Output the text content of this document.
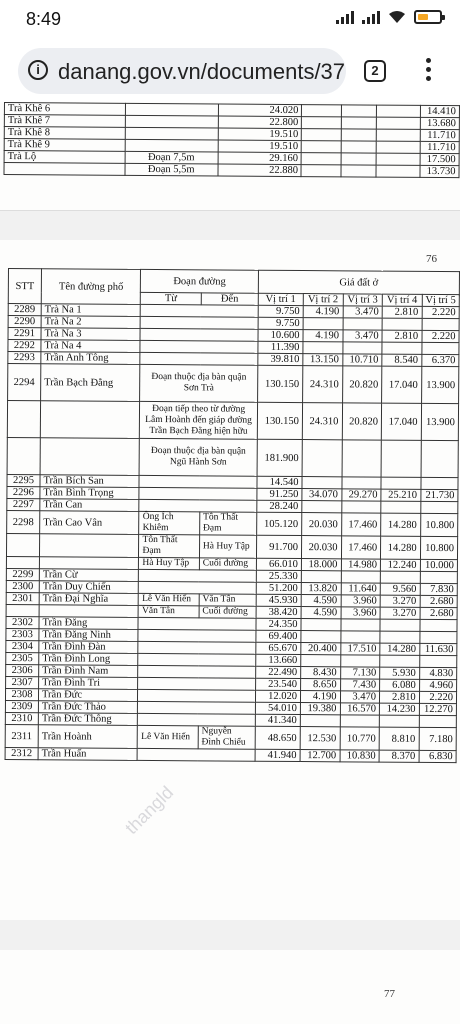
8:49
i danang.gov.vn/documents/37	2
Trà Khê 6		24.020				14.410
Trà Khê 7		22.800				13.680
Trà Khê 8		19.510				11.710
Trà Khê 9		19.510				11.710
Trà Lộ	Đoạn 7,5m	29.160				17.500
	Đoạn 5,5m	22.880				13.730
76
STT	Tên đường phố	Đoạn đường		Giá đất ở				
		Từ	Đến					
				Vị trí 1	Vị trí 2	Vị trí 3	Vị trí 4	Vị trí 5
2289	Trà Na 1			9.750	4.190	3.470	2.810	2.220
2290	Trà Na 2			9.750				
2291	Trà Na 3			10.600	4.190	3.470	2.810	2.220
2292	Trà Na 4			11.390				
2293	Trần Anh Tông			39.810	13.150	10.710	8.540	6.370
2294	Trần Bạch Đằng	Đoạn thuộc địa bàn quận Sơn Trà		130.150	24.310	20.820	17.040	13.900
		Đoạn tiếp theo từ đường Lâm Hoành đến giáp đường Trần Bạch Đằng hiện hữu		130.150	24.310	20.820	17.040	13.900
		Đoạn thuộc địa bàn quận Ngũ Hành Sơn		181.900				
2295	Trần Bích San			14.540				
2296	Trần Bình Trọng			91.250	34.070	29.270	25.210	21.730
2297	Trần Can			28.240				
2298	Trần Cao Vân	Ông Ích Khiêm	Tôn Thất Đạm	105.120	20.030	17.460	14.280	10.800
		Tôn Thất Đạm	Hà Huy Tập	91.700	20.030	17.460	14.280	10.800
		Hà Huy Tập	Cuối đường	66.010	18.000	14.980	12.240	10.000
2299	Trần Cừ			25.330				
2300	Trần Duy Chiến			51.200	13.820	11.640	9.560	7.830
2301	Trần Đại Nghĩa	Lê Văn Hiến	Văn Tân	45.930	4.590	3.960	3.270	2.680
		Văn Tân	Cuối đường	38.420	4.590	3.960	3.270	2.680
2302	Trần Đăng			24.350				
2303	Trần Đăng Ninh			69.400				
2304	Trần Đình Đàn			65.670	20.400	17.510	14.280	11.630
2305	Trần Đình Long			13.660				
2306	Trần Đình Nam			22.490	8.430	7.130	5.930	4.830
2307	Trần Đình Tri			23.540	8.650	7.430	6.080	4.960
2308	Trần Đức			12.020	4.190	3.470	2.810	2.220
2309	Trần Đức Thảo			54.010	19.380	16.570	14.230	12.270
2310	Trần Đức Thông			41.340				
2311	Trần Hoành	Lê Văn Hiến	Nguyễn Đình Chiểu	48.650	12.530	10.770	8.810	7.180
2312	Trần Huấn			41.940	12.700	10.830	8.370	6.830
thangld
77
